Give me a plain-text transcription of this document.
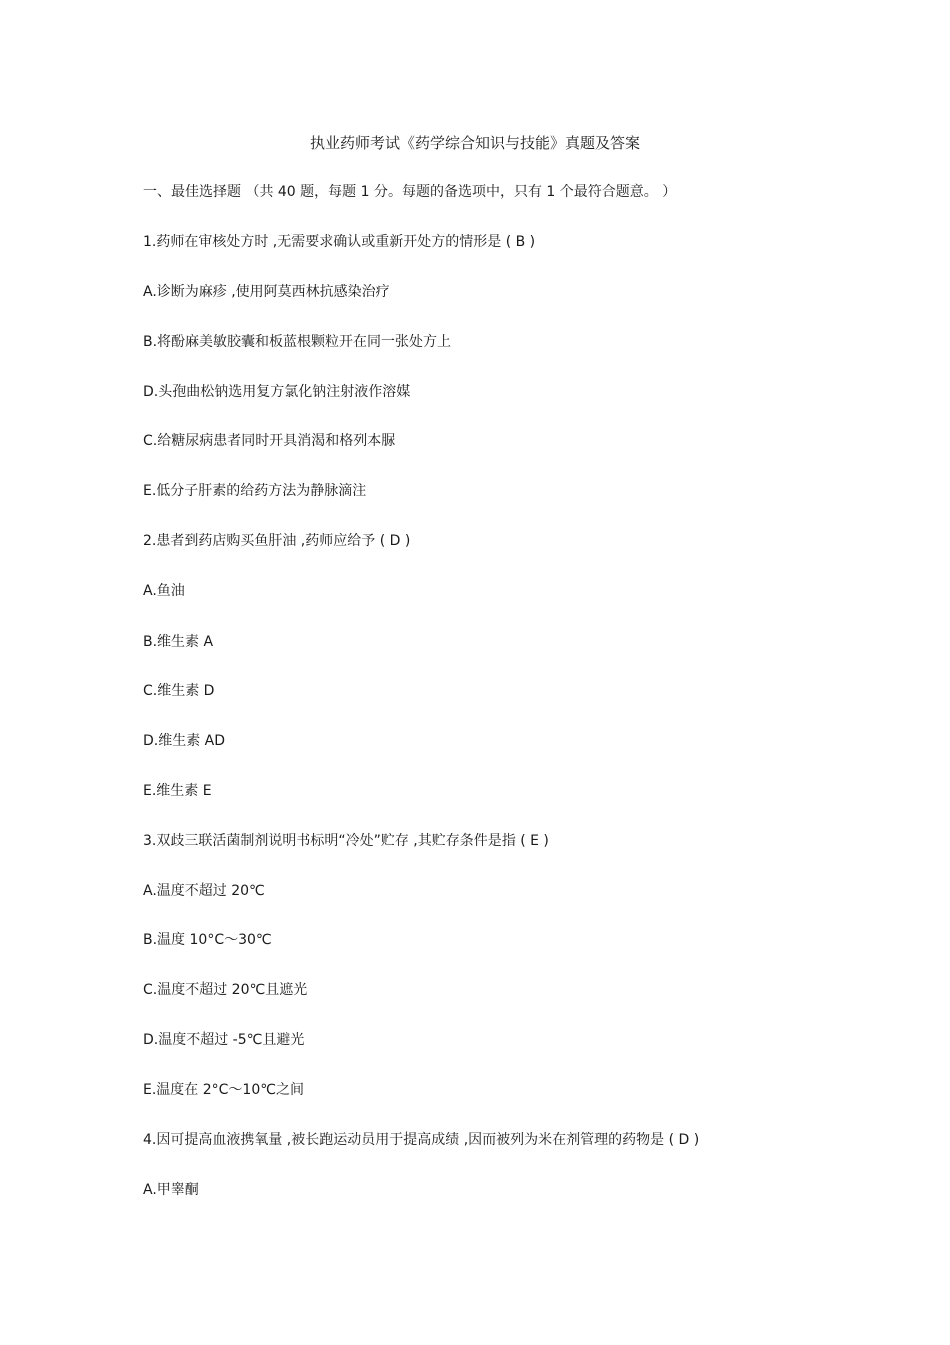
执业药师考试《药学综合知识与技能》真题及答案
一、最佳选择题 （共 40 题，每题 1 分。每题的备选项中，只有 1 个最符合题意。 ）
1.药师在审核处方时 ,无需要求确认或重新开处方的情形是 ( B )
A.诊断为麻疹 ,使用阿莫西林抗感染治疗
B.将酚麻美敏胶囊和板蓝根颗粒开在同一张处方上
D.头孢曲松钠选用复方氯化钠注射液作溶媒
C.给糖尿病患者同时开具消渴和格列本脲
E.低分子肝素的给药方法为静脉滴注
2.患者到药店购买鱼肝油 ,药师应给予 ( D )
A.鱼油
B.维生素 A
C.维生素 D
D.维生素 AD
E.维生素 E
3.双歧三联活菌制剂说明书标明“冷处”贮存 ,其贮存条件是指 ( E )
A.温度不超过 20℃
B.温度 10°C～30℃
C.温度不超过 20℃且遮光
D.温度不超过 -5℃且避光
E.温度在 2°C～10℃之间
4.因可提高血液携氧量 ,被长跑运动员用于提高成绩 ,因而被列为米在剂管理的药物是 ( D )
A.甲睾酮
